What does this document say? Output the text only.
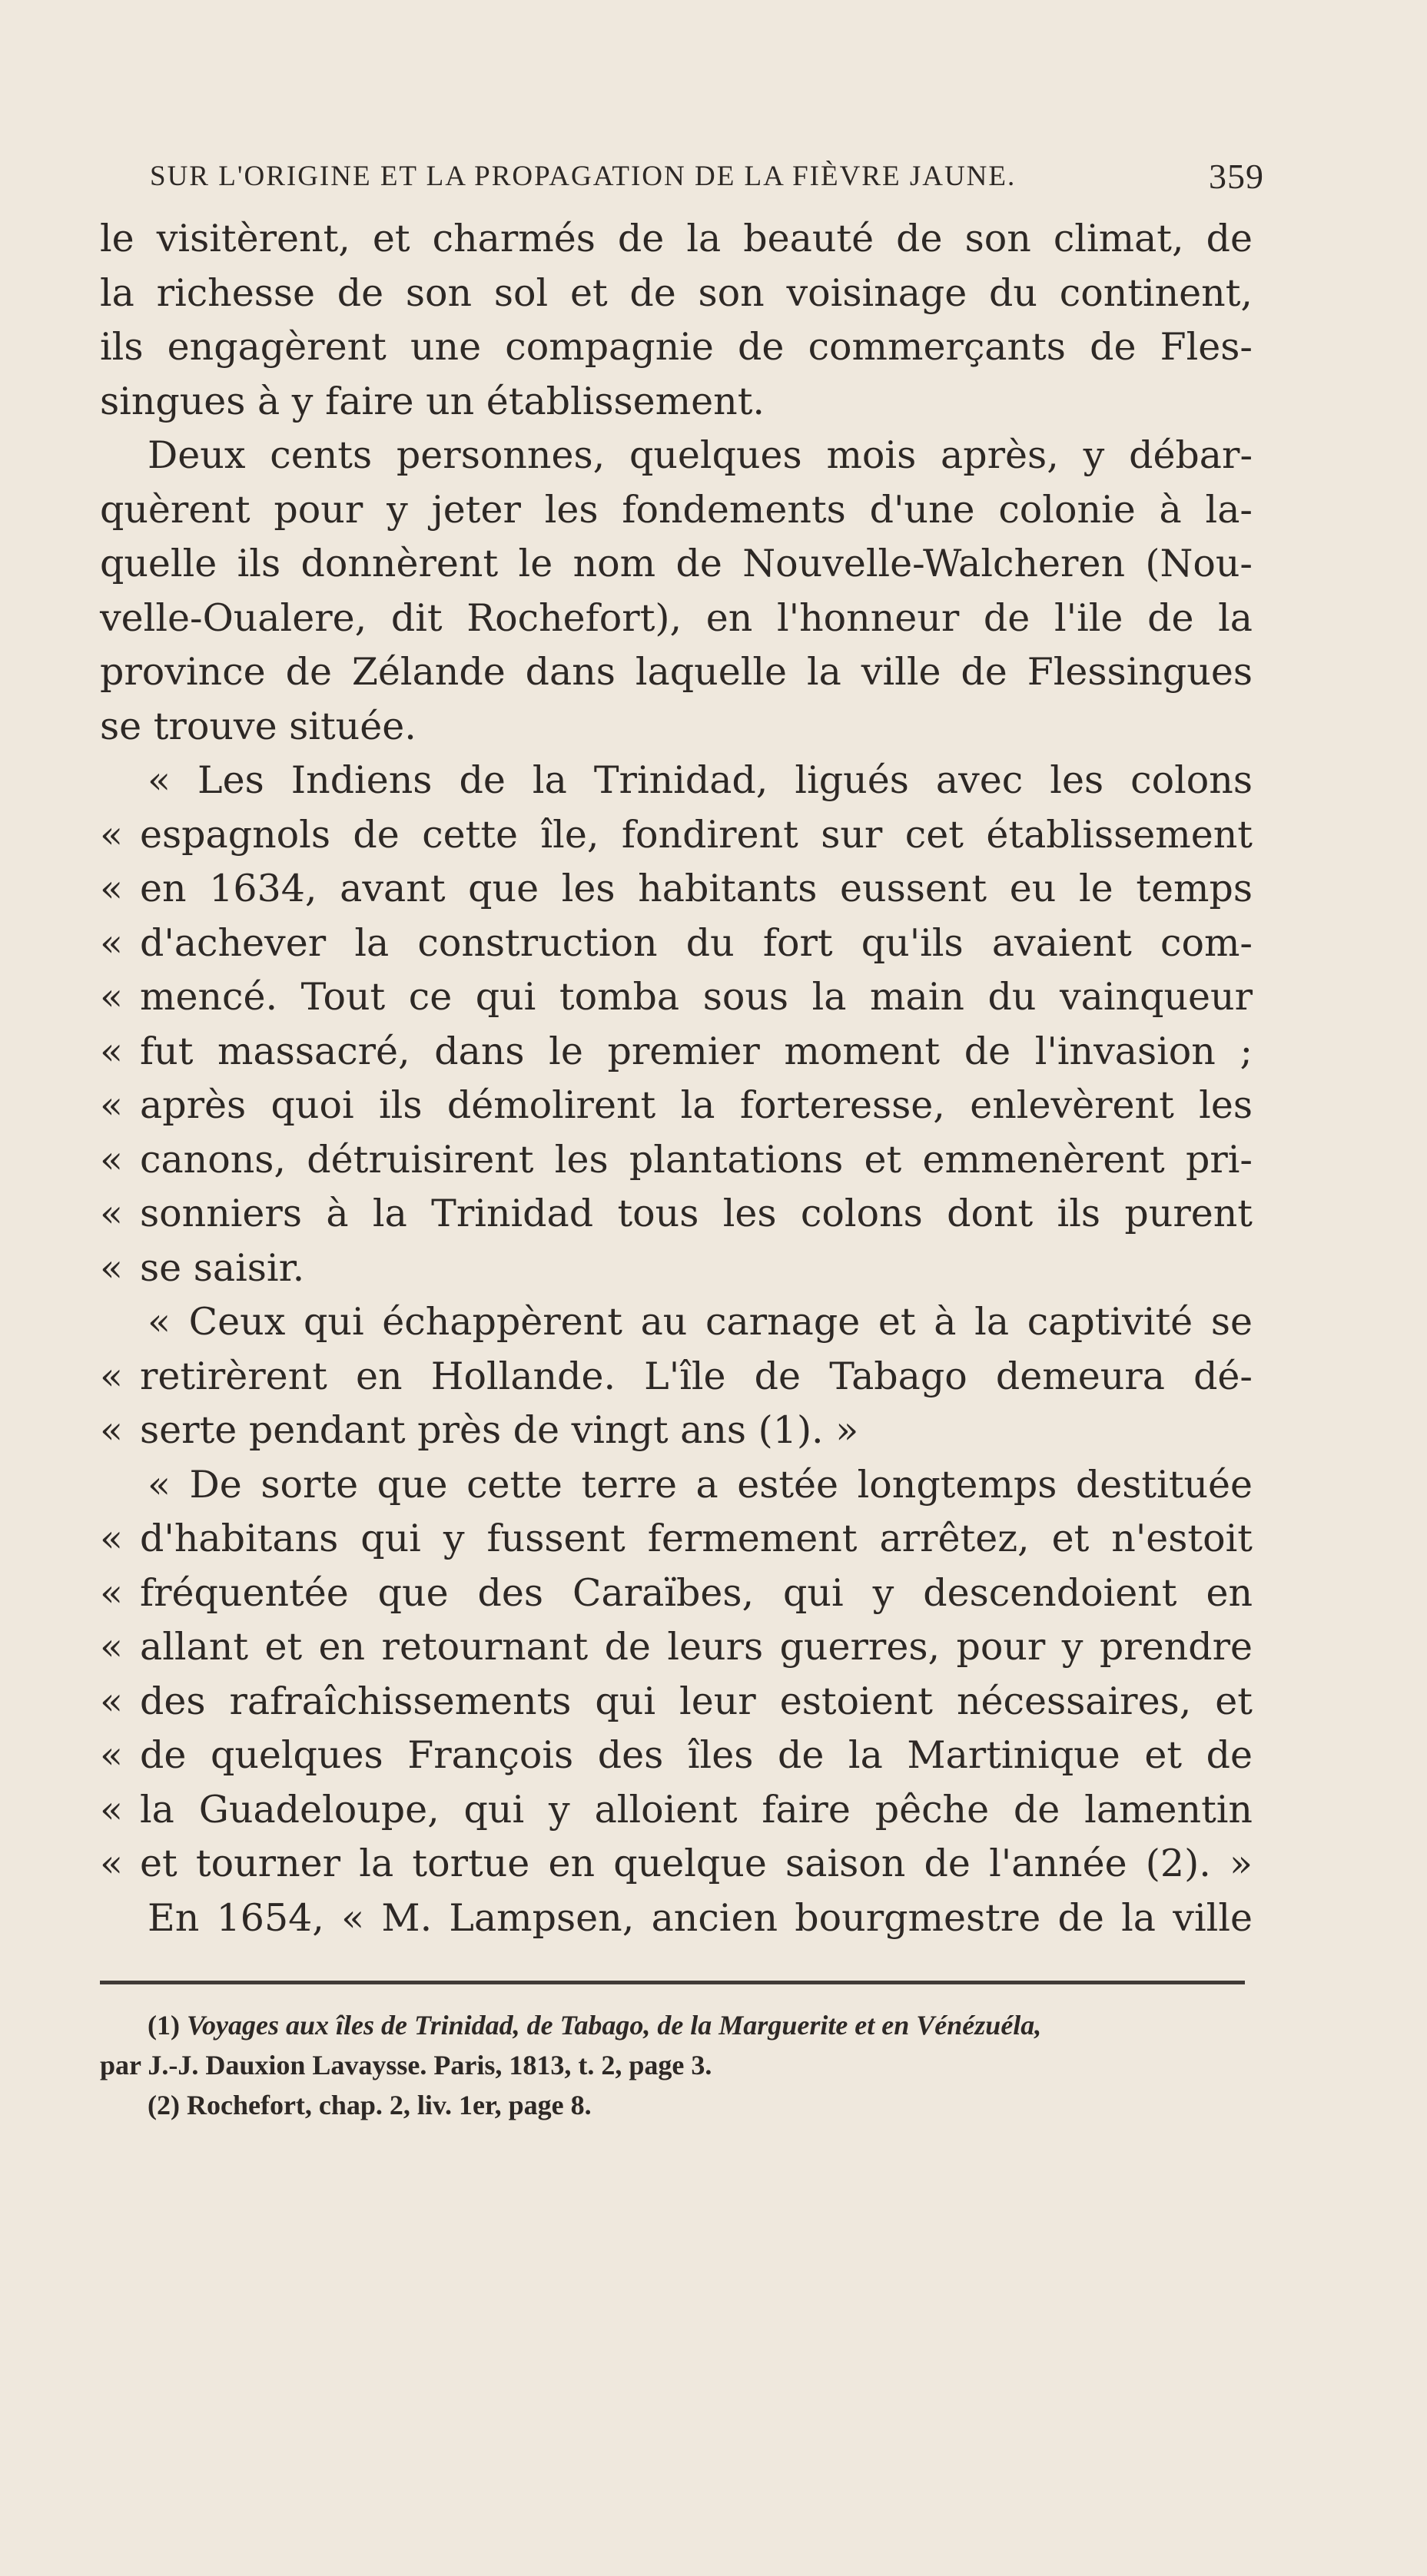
SUR L'ORIGINE ET LA PROPAGATION DE LA FIÈVRE JAUNE.	359
le visitèrent, et charmés de la beauté de son climat, de
la richesse de son sol et de son voisinage du continent,
ils engagèrent une compagnie de commerçants de Fles-
singues à y faire un établissement.
Deux cents personnes, quelques mois après, y débar-
quèrent pour y jeter les fondements d'une colonie à la-
quelle ils donnèrent le nom de Nouvelle-Walcheren (Nou-
velle-Oualere, dit Rochefort), en l'honneur de l'ile de la
province de Zélande dans laquelle la ville de Flessingues
se trouve située.
« Les Indiens de la Trinidad, ligués avec les colons
« espagnols de cette île, fondirent sur cet établissement
« en 1634, avant que les habitants eussent eu le temps
« d'achever la construction du fort qu'ils avaient com-
« mencé. Tout ce qui tomba sous la main du vainqueur
« fut massacré, dans le premier moment de l'invasion ;
« après quoi ils démolirent la forteresse, enlevèrent les
« canons, détruisirent les plantations et emmenèrent pri-
« sonniers à la Trinidad tous les colons dont ils purent
« se saisir.
« Ceux qui échappèrent au carnage et à la captivité se
« retirèrent en Hollande. L'île de Tabago demeura dé-
« serte pendant près de vingt ans (1). »
« De sorte que cette terre a estée longtemps destituée
« d'habitans qui y fussent fermement arrêtez, et n'estoit
« fréquentée que des Caraïbes, qui y descendoient en
« allant et en retournant de leurs guerres, pour y prendre
« des rafraîchissements qui leur estoient nécessaires, et
« de quelques François des îles de la Martinique et de
« la Guadeloupe, qui y alloient faire pêche de lamentin
« et tourner la tortue en quelque saison de l'année (2). »
En 1654, « M. Lampsen, ancien bourgmestre de la ville
(1) Voyages aux îles de Trinidad, de Tabago, de la Marguerite et en Vénézuéla,
par J.-J. Dauxion Lavaysse. Paris, 1813, t. 2, page 3.
(2) Rochefort, chap. 2, liv. 1er, page 8.
